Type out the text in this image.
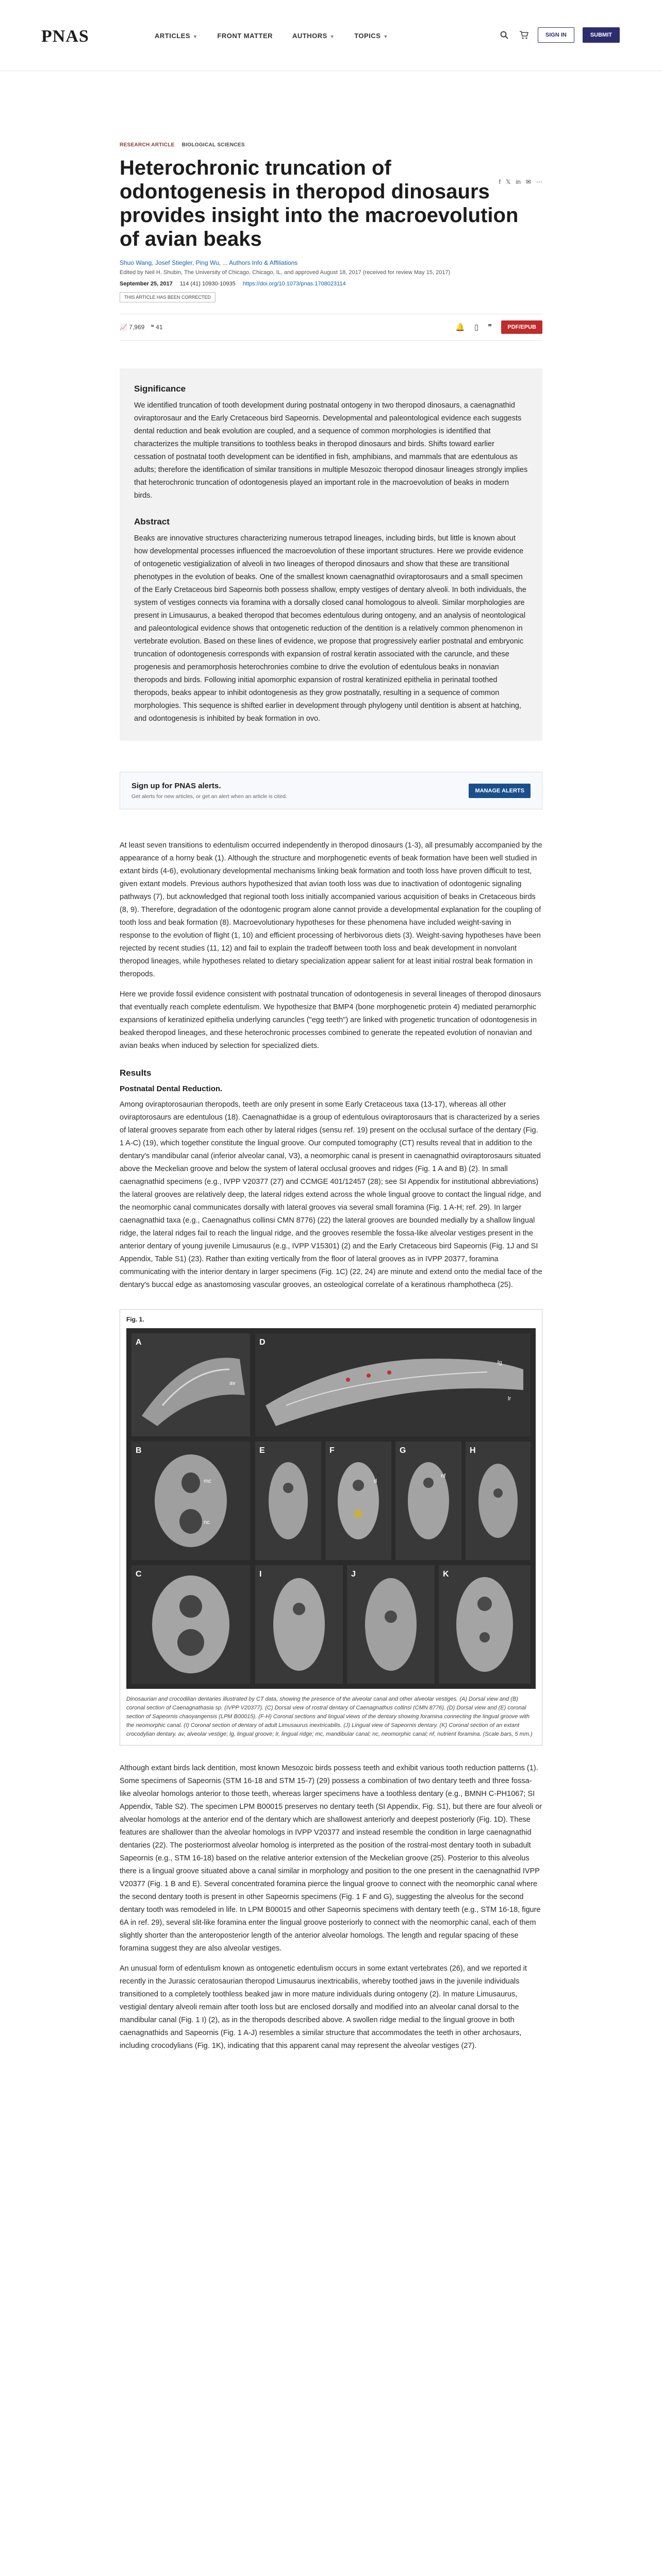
PNAS	ARTICLES ▼	FRONT MATTER	AUTHORS ▼	TOPICS ▼	SIGN IN	SUBMIT
f 𝕏 in ✉ ⋯
RESEARCH ARTICLE BIOLOGICAL SCIENCES
Heterochronic truncation of odontogenesis in theropod dinosaurs provides insight into the macroevolution of avian beaks
Shuo Wang, Josef Stiegler, Ping Wu, ... Authors Info & Affiliations
Edited by Neil H. Shubin, The University of Chicago, Chicago, IL, and approved August 18, 2017 (received for review May 15, 2017)
September 25, 2017 114 (41) 10930-10935 https://doi.org/10.1073/pnas.1708023114
THIS ARTICLE HAS BEEN CORRECTED
📈 7,969 ❝ 41	🔔 ▯ ❞	PDF/EPUB
Significance

We identified truncation of tooth development during postnatal ontogeny in two theropod dinosaurs, a caenagnathid oviraptorosaur and the Early Cretaceous bird Sapeornis. Developmental and paleontological evidence each suggests dental reduction and beak evolution are coupled, and a sequence of common morphologies is identified that characterizes the multiple transitions to toothless beaks in theropod dinosaurs and birds. Shifts toward earlier cessation of postnatal tooth development can be identified in fish, amphibians, and mammals that are edentulous as adults; therefore the identification of similar transitions in multiple Mesozoic theropod dinosaur lineages strongly implies that heterochronic truncation of odontogenesis played an important role in the macroevolution of beaks in modern birds.

Abstract

Beaks are innovative structures characterizing numerous tetrapod lineages, including birds, but little is known about how developmental processes influenced the macroevolution of these important structures. Here we provide evidence of ontogenetic vestigialization of alveoli in two lineages of theropod dinosaurs and show that these are transitional phenotypes in the evolution of beaks. One of the smallest known caenagnathid oviraptorosaurs and a small specimen of the Early Cretaceous bird Sapeornis both possess shallow, empty vestiges of dentary alveoli. In both individuals, the system of vestiges connects via foramina with a dorsally closed canal homologous to alveoli. Similar morphologies are present in Limusaurus, a beaked theropod that becomes edentulous during ontogeny, and an analysis of neontological and paleontological evidence shows that ontogenetic reduction of the dentition is a relatively common phenomenon in vertebrate evolution. Based on these lines of evidence, we propose that progressively earlier postnatal and embryonic truncation of odontogenesis corresponds with expansion of rostral keratin associated with the caruncle, and these progenesis and peramorphosis heterochronies combine to drive the evolution of edentulous beaks in nonavian theropods and birds. Following initial apomorphic expansion of rostral keratinized epithelia in perinatal toothed theropods, beaks appear to inhibit odontogenesis as they grow postnatally, resulting in a sequence of common morphologies. This sequence is shifted earlier in development through phylogeny until dentition is absent at hatching, and odontogenesis is inhibited by beak formation in ovo.

Sign up for PNAS alerts.
Get alerts for new articles, or get an alert when an article is cited.
MANAGE ALERTS

At least seven transitions to edentulism occurred independently in theropod dinosaurs (1-3), all presumably accompanied by the appearance of a horny beak (1). Although the structure and morphogenetic events of beak formation have been well studied in extant birds (4-6), evolutionary developmental mechanisms linking beak formation and tooth loss have proven difficult to test, given extant models. Previous authors hypothesized that avian tooth loss was due to inactivation of odontogenic signaling pathways (7), but acknowledged that regional tooth loss initially accompanied various acquisition of beaks in Cretaceous birds (8, 9). Therefore, degradation of the odontogenic program alone cannot provide a developmental explanation for the coupling of tooth loss and beak formation (8). Macroevolutionary hypotheses for these phenomena have included weight-saving in response to the evolution of flight (1, 10) and efficient processing of herbivorous diets (3). Weight-saving hypotheses have been rejected by recent studies (11, 12) and fail to explain the tradeoff between tooth loss and beak development in nonvolant theropod lineages, while hypotheses related to dietary specialization appear salient for at least initial rostral beak formation in theropods.

Here we provide fossil evidence consistent with postnatal truncation of odontogenesis in several lineages of theropod dinosaurs that eventually reach complete edentulism. We hypothesize that BMP4 (bone morphogenetic protein 4) mediated peramorphic expansions of keratinized epithelia underlying caruncles ("egg teeth") are linked with progenetic truncation of odontogenesis in beaked theropod lineages, and these heterochronic processes combined to generate the repeated evolution of nonavian and avian beaks when induced by selection for specialized diets.

Results
Postnatal Dental Reduction.

Among oviraptorosaurian theropods, teeth are only present in some Early Cretaceous taxa (13-17), whereas all other oviraptorosaurs are edentulous (18). Caenagnathidae is a group of edentulous oviraptorosaurs that is characterized by a series of lateral grooves separate from each other by lateral ridges (sensu ref. 19) present on the occlusal surface of the dentary (Fig. 1 A-C) (19), which together constitute the lingual groove. Our computed tomography (CT) results reveal that in addition to the dentary's mandibular canal (inferior alveolar canal, V3), a neomorphic canal is present in caenagnathid oviraptorosaurs situated above the Meckelian groove and below the system of lateral occlusal grooves and ridges (Fig. 1 A and B) (2). In small caenagnathid specimens (e.g., IVPP V20377 (27) and CCMGE 401/12457 (28); see SI Appendix for institutional abbreviations) the lateral grooves are relatively deep, the lateral ridges extend across the whole lingual groove to contact the lingual ridge, and the neomorphic canal communicates dorsally with lateral grooves via several small foramina (Fig. 1 A-H; ref. 29). In larger caenagnathid taxa (e.g., Caenagnathus collinsi CMN 8776) (22) the lateral grooves are bounded medially by a shallow lingual ridge, the lateral ridges fail to reach the lingual ridge, and the grooves resemble the fossa-like alveolar vestiges present in the anterior dentary of young juvenile Limusaurus (e.g., IVPP V15301) (2) and the Early Cretaceous bird Sapeornis (Fig. 1J and SI Appendix, Table S1) (23). Rather than exiting vertically from the floor of lateral grooves as in IVPP 20377, foramina communicating with the interior dentary in larger specimens (Fig. 1C) (22, 24) are minute and extend onto the medial face of the dentary's buccal edge as anastomosing vascular grooves, an osteological correlate of a keratinous rhamphotheca (25).

Fig. 1.
A
B
C
D
E	F	G	H
I	J	K
av
mc
nc
lg
lr
d
nf
Dinosaurian and crocodilian dentaries illustrated by CT data, showing the presence of the alveolar canal and other alveolar vestiges. (A) Dorsal view and (B) coronal section of Caenagnathasia sp. (IVPP V20377). (C) Dorsal view of rostral dentary of Caenagnathus collinsi (CMN 8776). (D) Dorsal view and (E) coronal section of Sapeornis chaoyangensis (LPM B00015). (F-H) Coronal sections and lingual views of the dentary showing foramina connecting the lingual groove with the neomorphic canal. (I) Coronal section of dentary of adult Limusaurus inextricabilis. (J) Lingual view of Sapeornis dentary. (K) Coronal section of an extant crocodylian dentary. av, alveolar vestige; lg, lingual groove; lr, lingual ridge; mc, mandibular canal; nc, neomorphic canal; nf, nutrient foramina. (Scale bars, 5 mm.)

Although extant birds lack dentition, most known Mesozoic birds possess teeth and exhibit various tooth reduction patterns (1). Some specimens of Sapeornis (STM 16-18 and STM 15-7) (29) possess a combination of two dentary teeth and three fossa-like alveolar homologs anterior to those teeth, whereas larger specimens have a toothless dentary (e.g., BMNH C-PH1067; SI Appendix, Table S2). The specimen LPM B00015 preserves no dentary teeth (SI Appendix, Fig. S1), but there are four alveoli or alveolar homologs at the anterior end of the dentary which are shallowest anteriorly and deepest posteriorly (Fig. 1D). These features are shallower than the alveolar homologs in IVPP V20377 and instead resemble the condition in large caenagnathid dentaries (22). The posteriormost alveolar homolog is interpreted as the position of the rostral-most dentary tooth in subadult Sapeornis (e.g., STM 16-18) based on the relative anterior extension of the Meckelian groove (25). Posterior to this alveolus there is a lingual groove situated above a canal similar in morphology and position to the one present in the caenagnathid IVPP V20377 (Fig. 1 B and E). Several concentrated foramina pierce the lingual groove to connect with the neomorphic canal where the second dentary tooth is present in other Sapeornis specimens (Fig. 1 F and G), suggesting the alveolus for the second dentary tooth was remodeled in life. In LPM B00015 and other Sapeornis specimens with dentary teeth (e.g., STM 16-18, figure 6A in ref. 29), several slit-like foramina enter the lingual groove posteriorly to connect with the neomorphic canal, each of them slightly shorter than the anteroposterior length of the anterior alveolar homologs. The length and regular spacing of these foramina suggest they are also alveolar vestiges.

An unusual form of edentulism known as ontogenetic edentulism occurs in some extant vertebrates (26), and we reported it recently in the Jurassic ceratosaurian theropod Limusaurus inextricabilis, whereby toothed jaws in the juvenile individuals transitioned to a completely toothless beaked jaw in more mature individuals during ontogeny (2). In mature Limusaurus, vestigial dentary alveoli remain after tooth loss but are enclosed dorsally and modified into an alveolar canal dorsal to the mandibular canal (Fig. 1 I) (2), as in the theropods described above. A swollen ridge medial to the lingual groove in both caenagnathids and Sapeornis (Fig. 1 A-J) resembles a similar structure that accommodates the teeth in other archosaurs, including crocodylians (Fig. 1K), indicating that this apparent canal may represent the alveolar vestiges (27).
